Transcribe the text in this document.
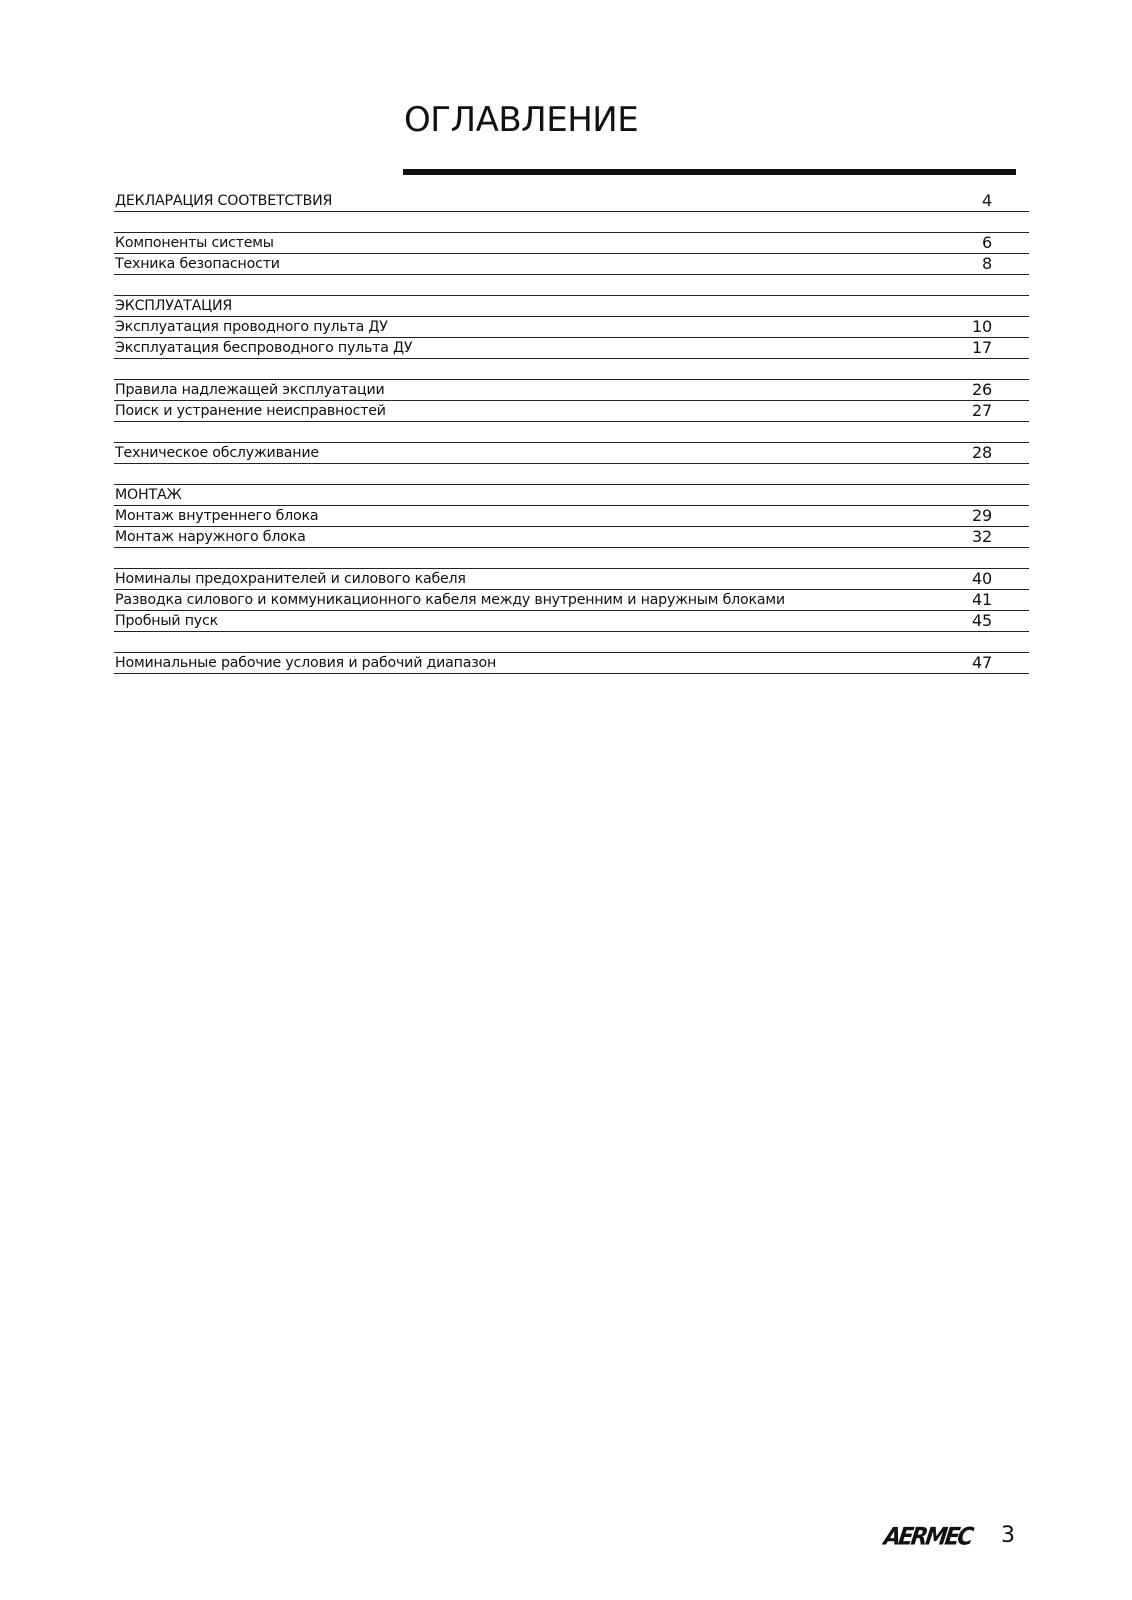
ОГЛАВЛЕНИЕ
ДЕКЛАРАЦИЯ СООТВЕТСТВИЯ	4
Компоненты системы	6
Техника безопасности	8
ЭКСПЛУАТАЦИЯ
Эксплуатация проводного пульта ДУ	10
Эксплуатация беспроводного пульта ДУ	17
Правила надлежащей эксплуатации	26
Поиск и устранение неисправностей	27
Техническое обслуживание	28
МОНТАЖ
Монтаж внутреннего блока	29
Монтаж наружного блока	32
Номиналы предохранителей и силового кабеля	40
Разводка силового и коммуникационного кабеля между внутренним и наружным блоками	41
Пробный пуск	45
Номинальные рабочие условия и рабочий диапазон	47
AERMEC 3
